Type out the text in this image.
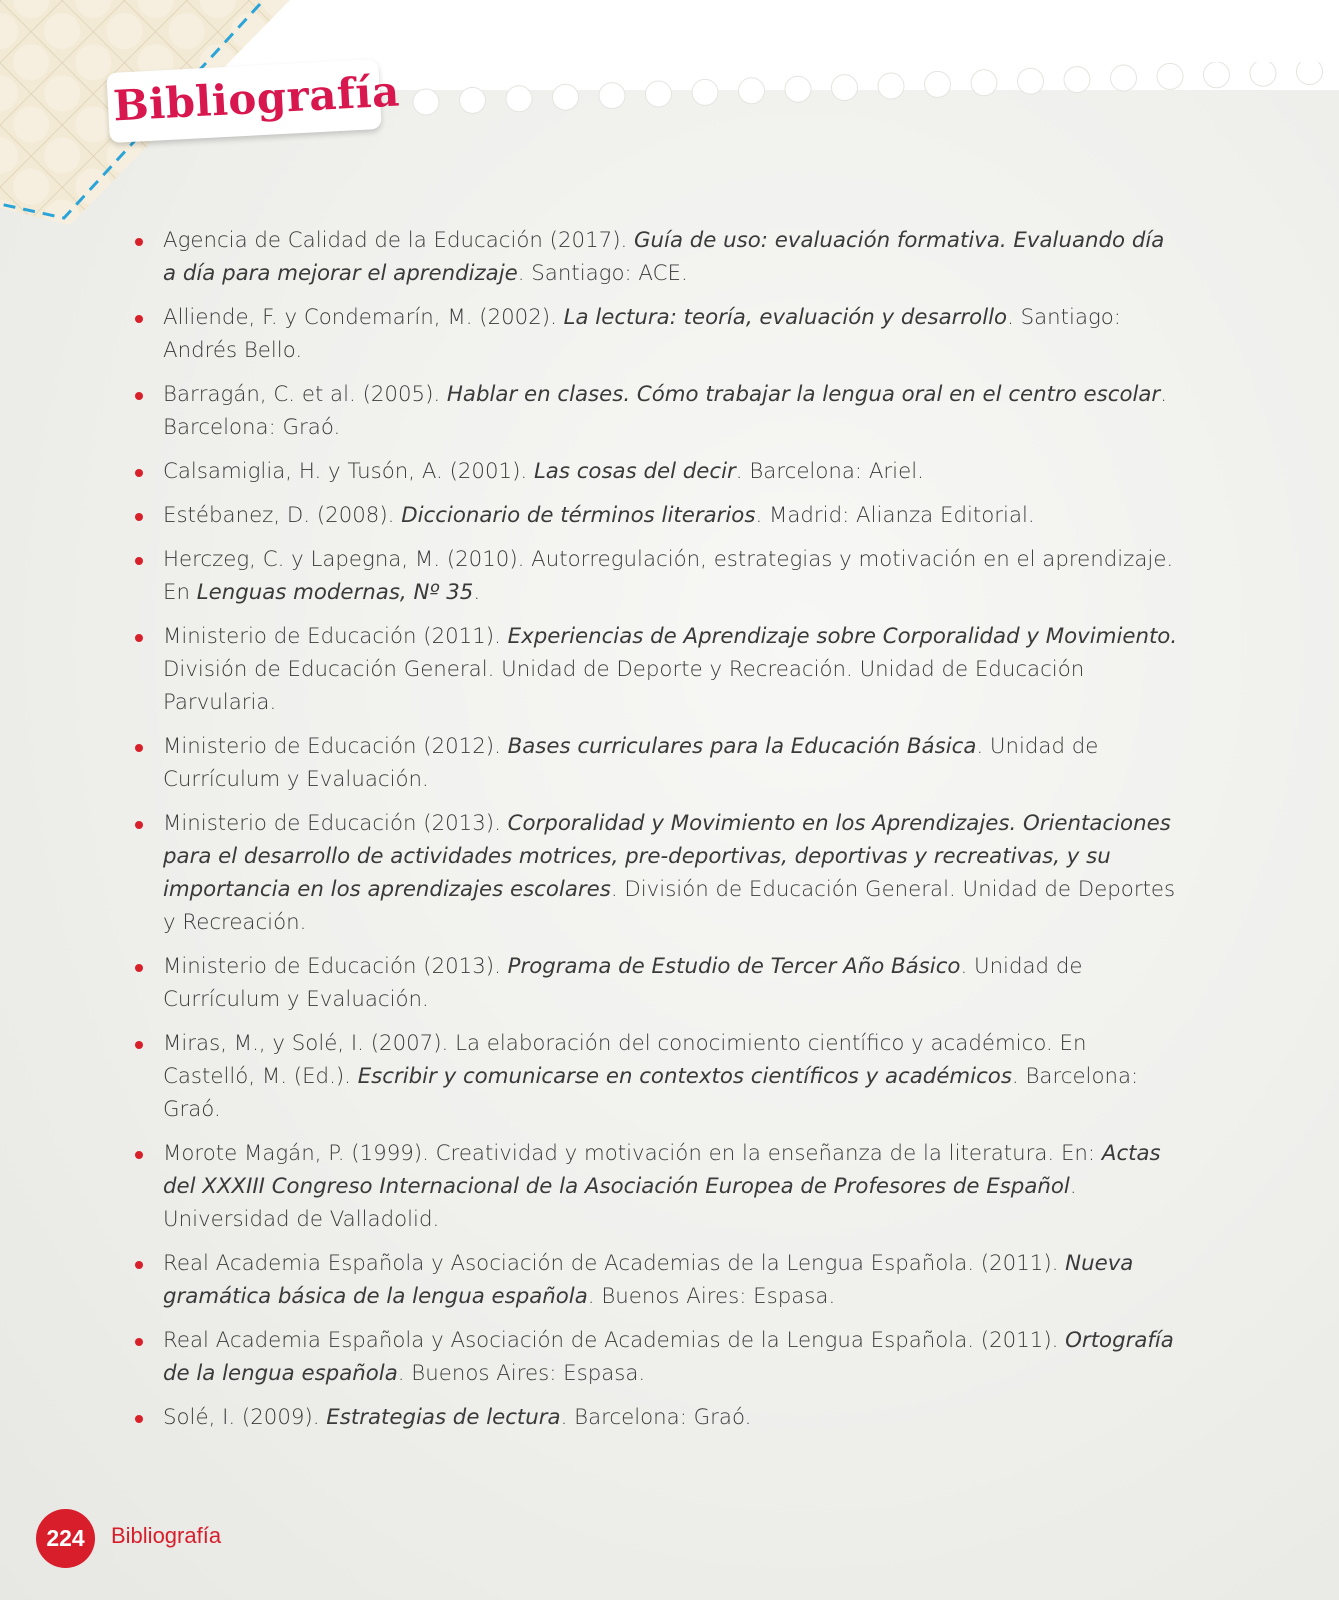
Bibliografía
Agencia de Calidad de la Educación (2017). Guía de uso: evaluación formativa. Evaluando día a día para mejorar el aprendizaje. Santiago: ACE.
Alliende, F. y Condemarín, M. (2002). La lectura: teoría, evaluación y desarrollo. Santiago: Andrés Bello.
Barragán, C. et al. (2005). Hablar en clases. Cómo trabajar la lengua oral en el centro escolar. Barcelona: Graó.
Calsamiglia, H. y Tusón, A. (2001). Las cosas del decir. Barcelona: Ariel.
Estébanez, D. (2008). Diccionario de términos literarios. Madrid: Alianza Editorial.
Herczeg, C. y Lapegna, M. (2010). Autorregulación, estrategias y motivación en el aprendizaje. En Lenguas modernas, Nº 35.
Ministerio de Educación (2011). Experiencias de Aprendizaje sobre Corporalidad y Movimiento. División de Educación General. Unidad de Deporte y Recreación. Unidad de Educación Parvularia.
Ministerio de Educación (2012). Bases curriculares para la Educación Básica. Unidad de Currículum y Evaluación.
Ministerio de Educación (2013). Corporalidad y Movimiento en los Aprendizajes. Orientaciones para el desarrollo de actividades motrices, pre-deportivas, deportivas y recreativas, y su importancia en los aprendizajes escolares. División de Educación General. Unidad de Deportes y Recreación.
Ministerio de Educación (2013). Programa de Estudio de Tercer Año Básico. Unidad de Currículum y Evaluación.
Miras, M., y Solé, I. (2007). La elaboración del conocimiento científico y académico. En Castelló, M. (Ed.). Escribir y comunicarse en contextos científicos y académicos. Barcelona: Graó.
Morote Magán, P. (1999). Creatividad y motivación en la enseñanza de la literatura. En: Actas del XXXIII Congreso Internacional de la Asociación Europea de Profesores de Español. Universidad de Valladolid.
Real Academia Española y Asociación de Academias de la Lengua Española. (2011). Nueva gramática básica de la lengua española. Buenos Aires: Espasa.
Real Academia Española y Asociación de Academias de la Lengua Española. (2011). Ortografía de la lengua española. Buenos Aires: Espasa.
Solé, I. (2009). Estrategias de lectura. Barcelona: Graó.
224	Bibliografía
